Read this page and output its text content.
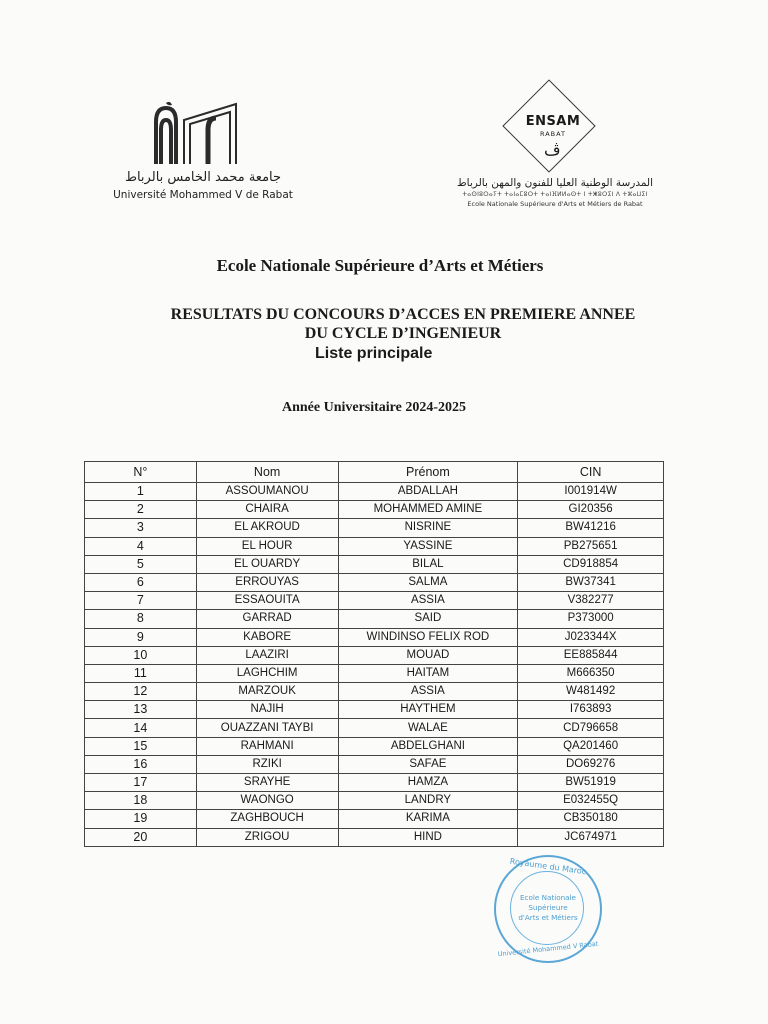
جامعة محمد الخامس بالرباط
Université Mohammed V de Rabat
ENSAM
RABAT
ڤ
المدرسة الوطنية العليا للفنون والمهن بالرباط
ⵜⴰⵙⵏⵓⵔⴰⵢⵜ ⵜⴰⵏⴰⵎⵓⵔⵜ ⵜⴰⵏⴼⵍⵍⴰⵙⵜ ⵏ ⵜⵥⵓⵔⵉⵏ ⴷ ⵜⵣⴰⵡⵉⵏ
Ecole Nationale Supérieure d'Arts et Métiers de Rabat
Ecole Nationale Supérieure d’Arts et Métiers
RESULTATS DU CONCOURS D’ACCES EN PREMIERE ANNEE
DU CYCLE D’INGENIEUR
Liste principale
Année Universitaire 2024-2025
N°	Nom	Prénom	CIN
1	ASSOUMANOU	ABDALLAH	I001914W
2	CHAIRA	MOHAMMED AMINE	GI20356
3	EL AKROUD	NISRINE	BW41216
4	EL HOUR	YASSINE	PB275651
5	EL OUARDY	BILAL	CD918854
6	ERROUYAS	SALMA	BW37341
7	ESSAOUITA	ASSIA	V382277
8	GARRAD	SAID	P373000
9	KABORE	WINDINSO FELIX ROD	J023344X
10	LAAZIRI	MOUAD	EE885844
11	LAGHCHIM	HAITAM	M666350
12	MARZOUK	ASSIA	W481492
13	NAJIH	HAYTHEM	I763893
14	OUAZZANI TAYBI	WALAE	CD796658
15	RAHMANI	ABDELGHANI	QA201460
16	RZIKI	SAFAE	DO69276
17	SRAYHE	HAMZA	BW51919
18	WAONGO	LANDRY	E032455Q
19	ZAGHBOUCH	KARIMA	CB350180
20	ZRIGOU	HIND	JC674971
Royaume du Maroc
Ecole Nationale
Supérieure
d'Arts et Métiers
Université Mohammed V Rabat
